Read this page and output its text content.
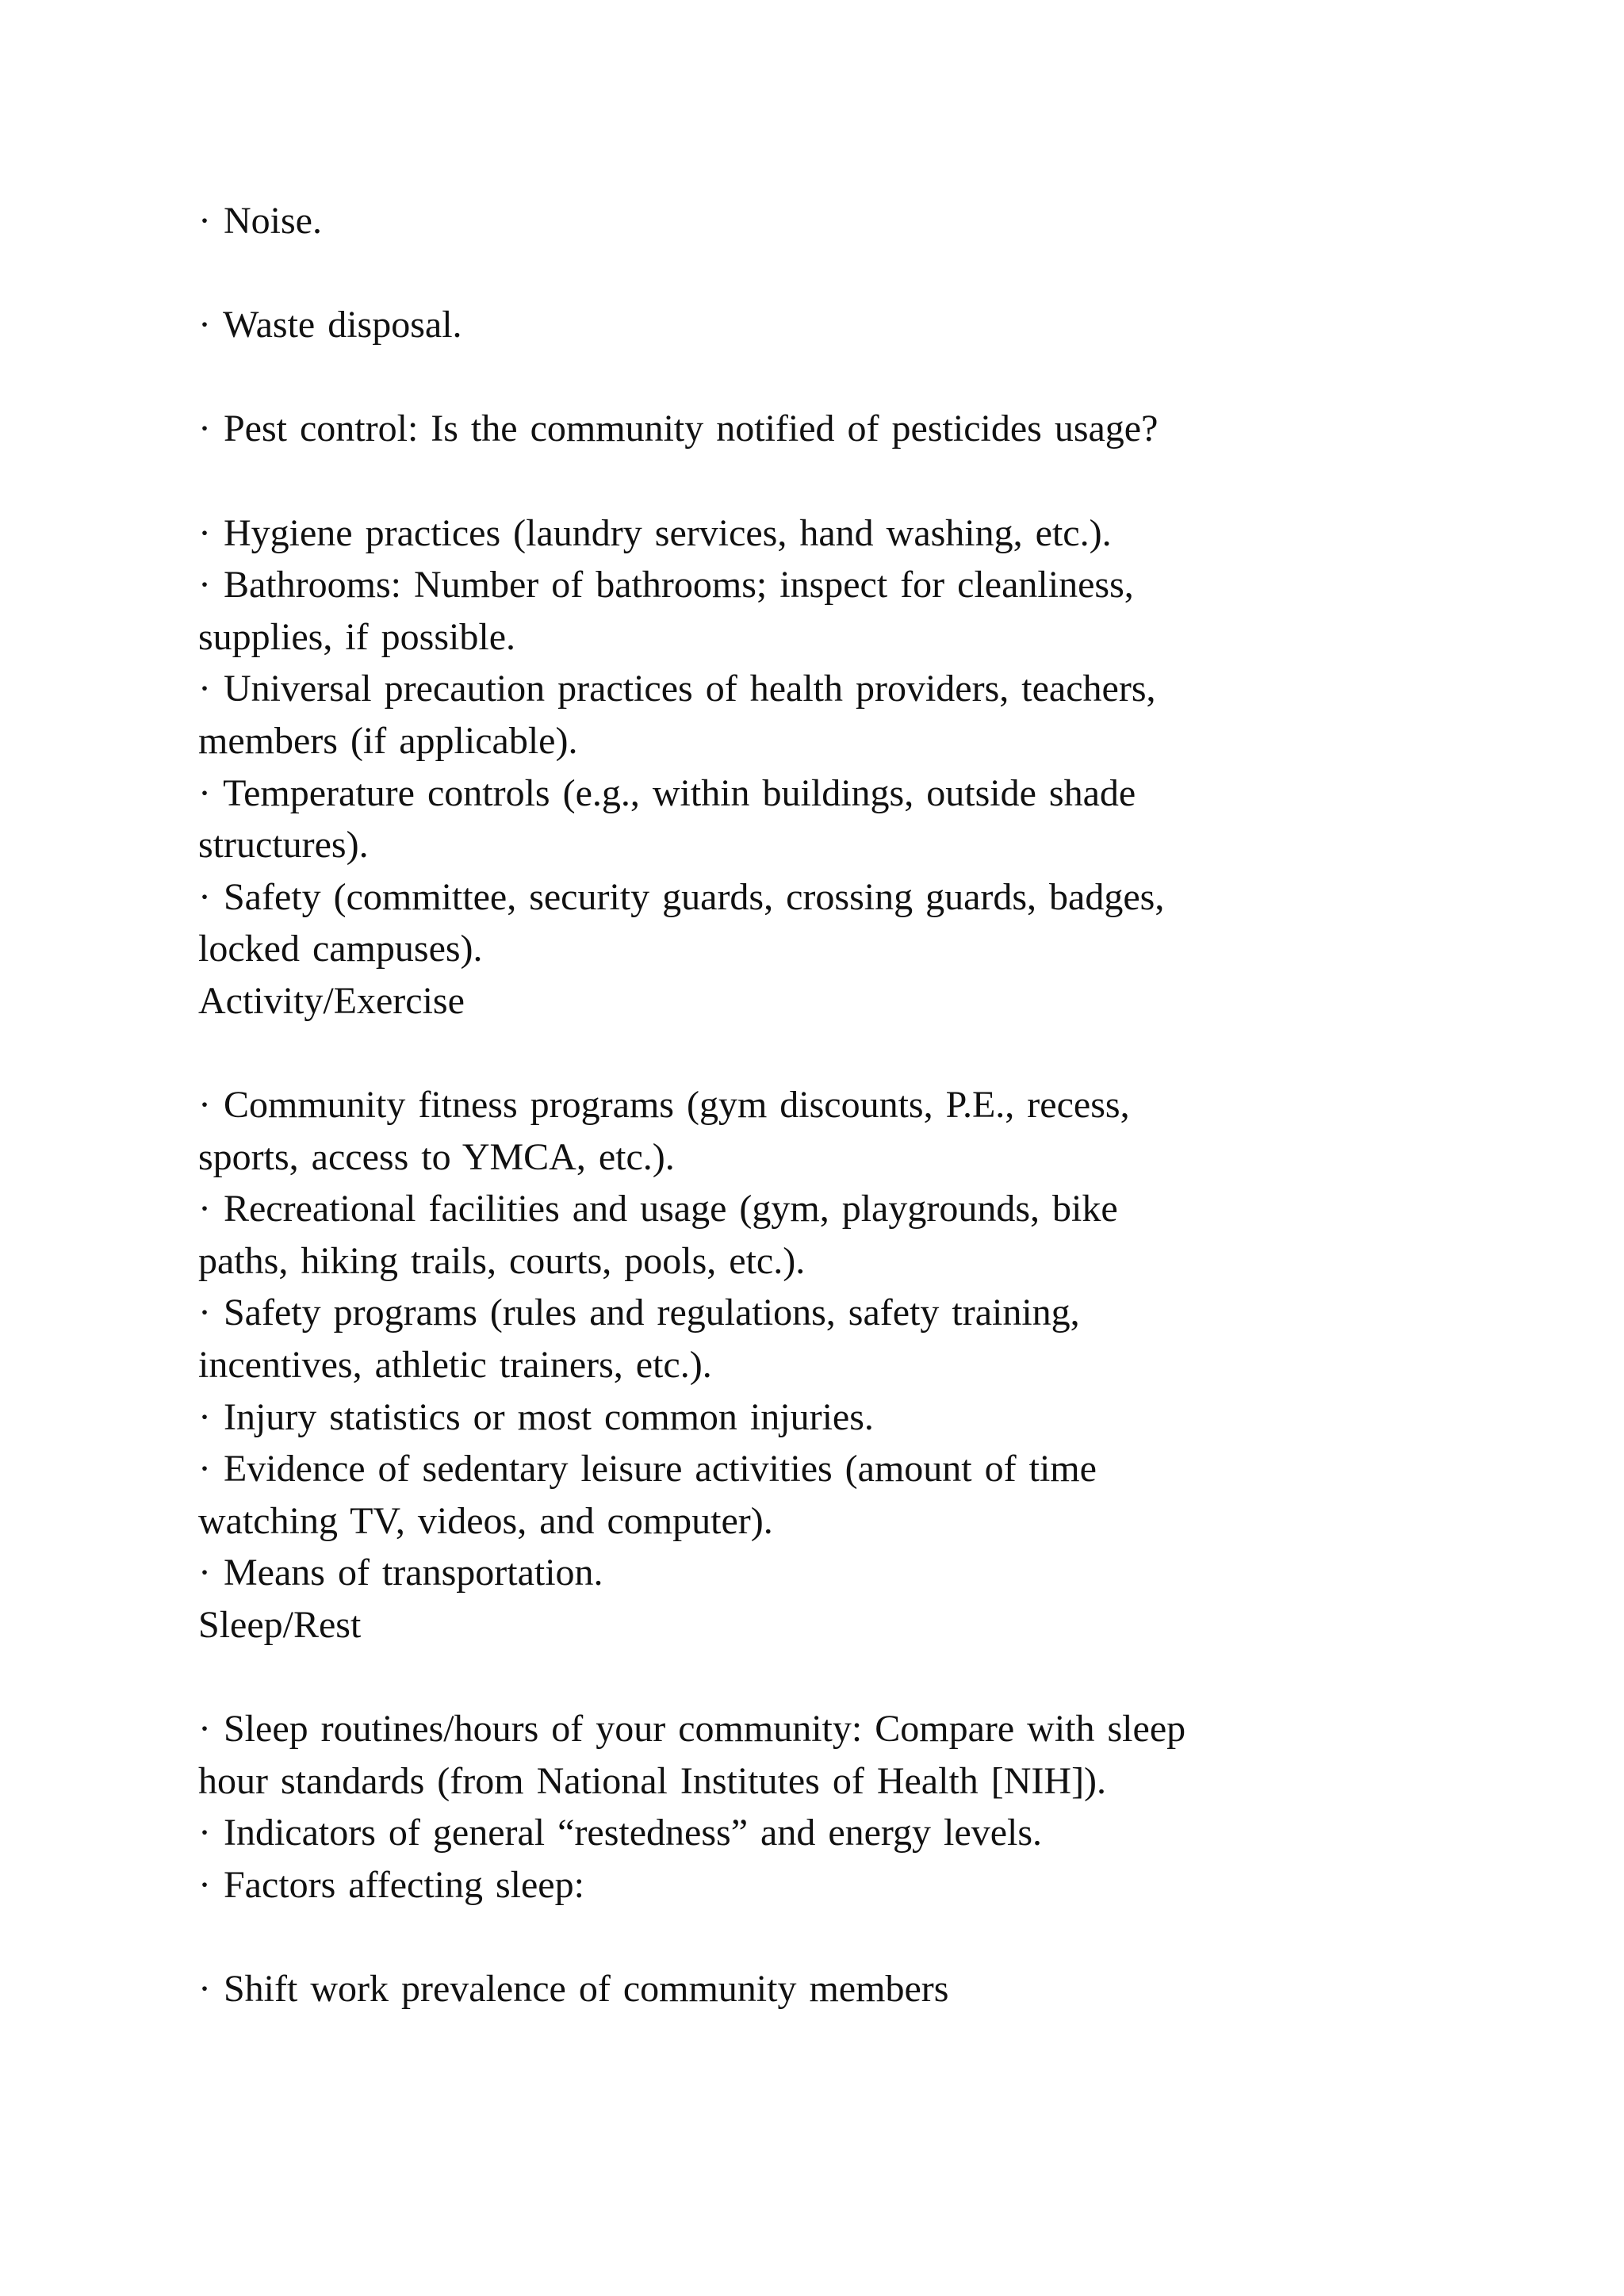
· Noise.
· Waste disposal.
· Pest control: Is the community notified of pesticides usage?
· Hygiene practices (laundry services, hand washing, etc.).
· Bathrooms: Number of bathrooms; inspect for cleanliness,
supplies, if possible.
· Universal precaution practices of health providers, teachers,
members (if applicable).
· Temperature controls (e.g., within buildings, outside shade
structures).
· Safety (committee, security guards, crossing guards, badges,
locked campuses).
Activity/Exercise
· Community fitness programs (gym discounts, P.E., recess,
sports, access to YMCA, etc.).
· Recreational facilities and usage (gym, playgrounds, bike
paths, hiking trails, courts, pools, etc.).
· Safety programs (rules and regulations, safety training,
incentives, athletic trainers, etc.).
· Injury statistics or most common injuries.
· Evidence of sedentary leisure activities (amount of time
watching TV, videos, and computer).
· Means of transportation.
Sleep/Rest
· Sleep routines/hours of your community: Compare with sleep
hour standards (from National Institutes of Health [NIH]).
· Indicators of general “restedness” and energy levels.
· Factors affecting sleep:
· Shift work prevalence of community members
